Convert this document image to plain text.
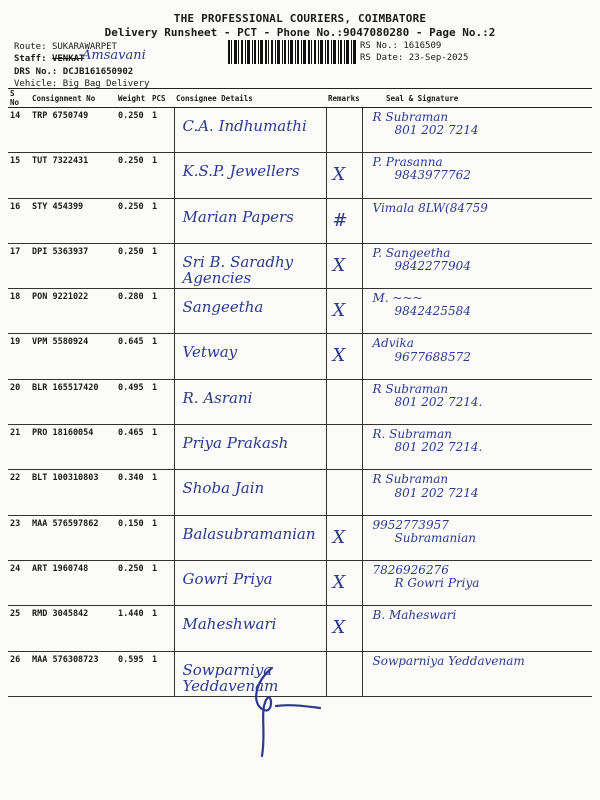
THE PROFESSIONAL COURIERS, COIMBATORE
Delivery Runsheet - PCT - Phone No.:9047080280 - Page No.:2
Route: SUKARAWARPET
Staff: VENKAT
Amsavani
DRS No.: DCJB161650902
Vehicle: Big Bag Delivery
RS No.: 1616509
RS Date: 23-Sep-2025
S No	Consignment No	Weight	PCS	Consignee Details	Remarks	Seal & Signature
14	TRP 6750749	0.250	1	C.A. Indhumathi		R Subraman
801 202 7214

15	TUT 7322431	0.250	1	K.S.P. Jewellers	X	P. Prasanna
9843977762

16	STY 454399	0.250	1	Marian Papers	#	Vimala 8LW(84759

17	DPI 5363937	0.250	1	Sri B. Saradhy Agencies	X	P. Sangeetha
9842277904

18	PON 9221022	0.280	1	Sangeetha	X	M. ~~~
9842425584

19	VPM 5580924	0.645	1	Vetway	X	Advika
9677688572

20	BLR 165517420	0.495	1	R. Asrani		R Subraman
801 202 7214.

21	PRO 18160054	0.465	1	Priya Prakash		R. Subraman
801 202 7214.

22	BLT 100310803	0.340	1	Shoba Jain		R Subraman
801 202 7214

23	MAA 576597862	0.150	1	Balasubramanian	X	9952773957
Subramanian

24	ART 1960748	0.250	1	Gowri Priya	X	7826926276
R Gowri Priya

25	RMD 3045842	1.440	1	Maheshwari	X	B. Maheswari

26	MAA 576308723	0.595	1	Sowparniya Yeddavenam		Sowparniya Yeddavenam
